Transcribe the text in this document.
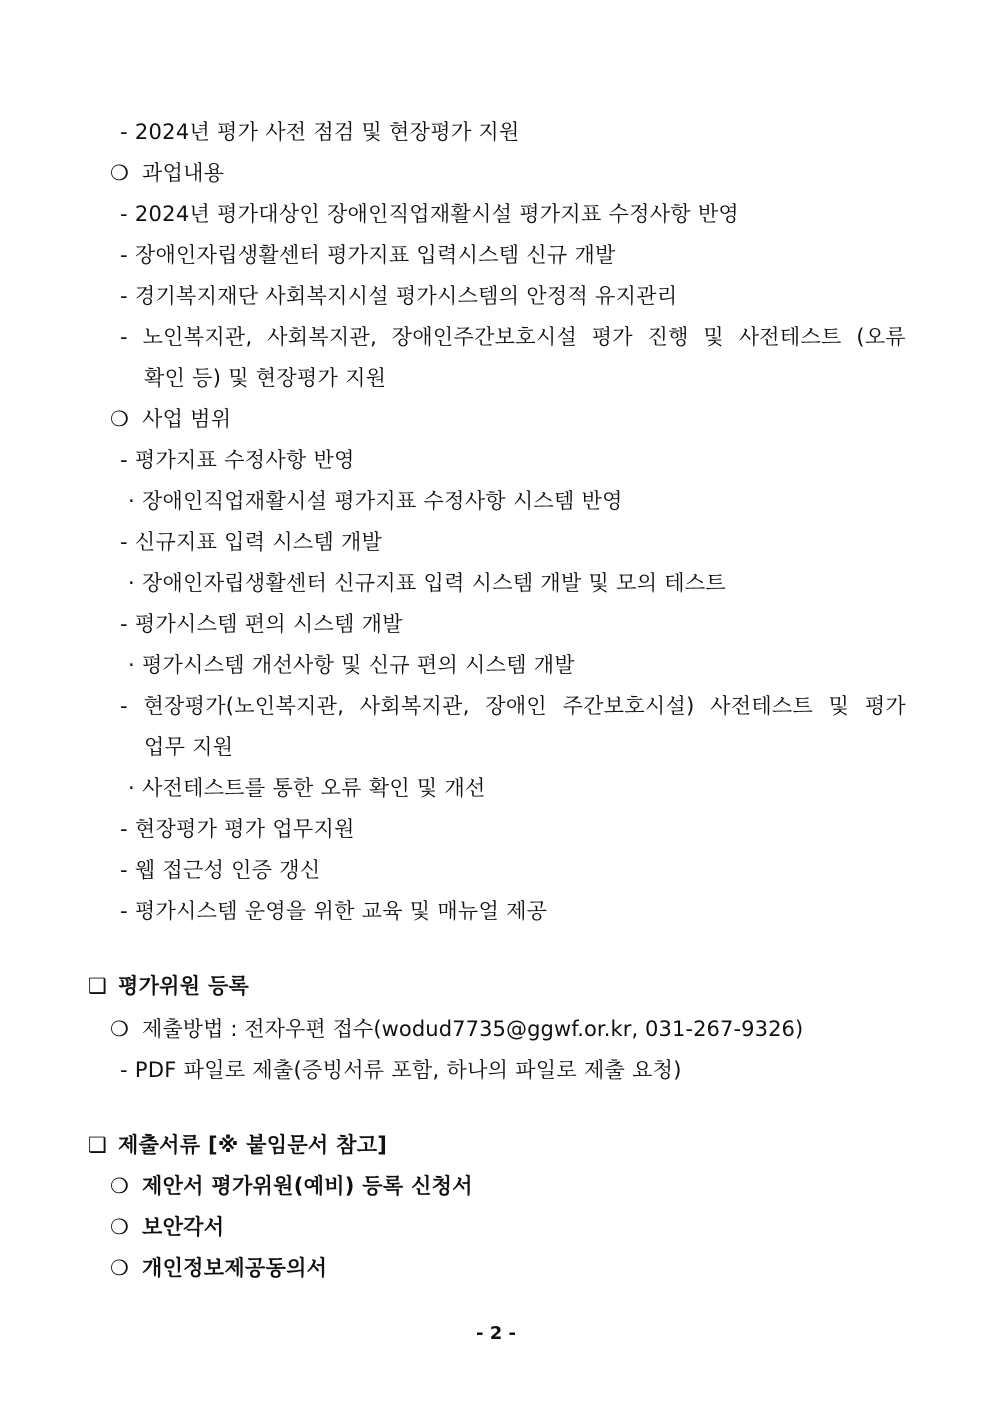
- 2024년 평가 사전 점검 및 현장평가 지원
❍ 과업내용
- 2024년 평가대상인 장애인직업재활시설 평가지표 수정사항 반영
- 장애인자립생활센터 평가지표 입력시스템 신규 개발
- 경기복지재단 사회복지시설 평가시스템의 안정적 유지관리
- 노인복지관, 사회복지관, 장애인주간보호시설 평가 진행 및 사전테스트 (오류
확인 등) 및 현장평가 지원
❍ 사업 범위
- 평가지표 수정사항 반영
· 장애인직업재활시설 평가지표 수정사항 시스템 반영
- 신규지표 입력 시스템 개발
· 장애인자립생활센터 신규지표 입력 시스템 개발 및 모의 테스트
- 평가시스템 편의 시스템 개발
· 평가시스템 개선사항 및 신규 편의 시스템 개발
- 현장평가(노인복지관, 사회복지관, 장애인 주간보호시설) 사전테스트 및 평가
업무 지원
· 사전테스트를 통한 오류 확인 및 개선
- 현장평가 평가 업무지원
- 웹 접근성 인증 갱신
- 평가시스템 운영을 위한 교육 및 매뉴얼 제공
❑ 평가위원 등록
❍ 제출방법 : 전자우편 접수(wodud7735@ggwf.or.kr, 031-267-9326)
- PDF 파일로 제출(증빙서류 포함, 하나의 파일로 제출 요청)
❑ 제출서류 [※ 붙임문서 참고]
❍ 제안서 평가위원(예비) 등록 신청서
❍ 보안각서
❍ 개인정보제공동의서
- 2 -
